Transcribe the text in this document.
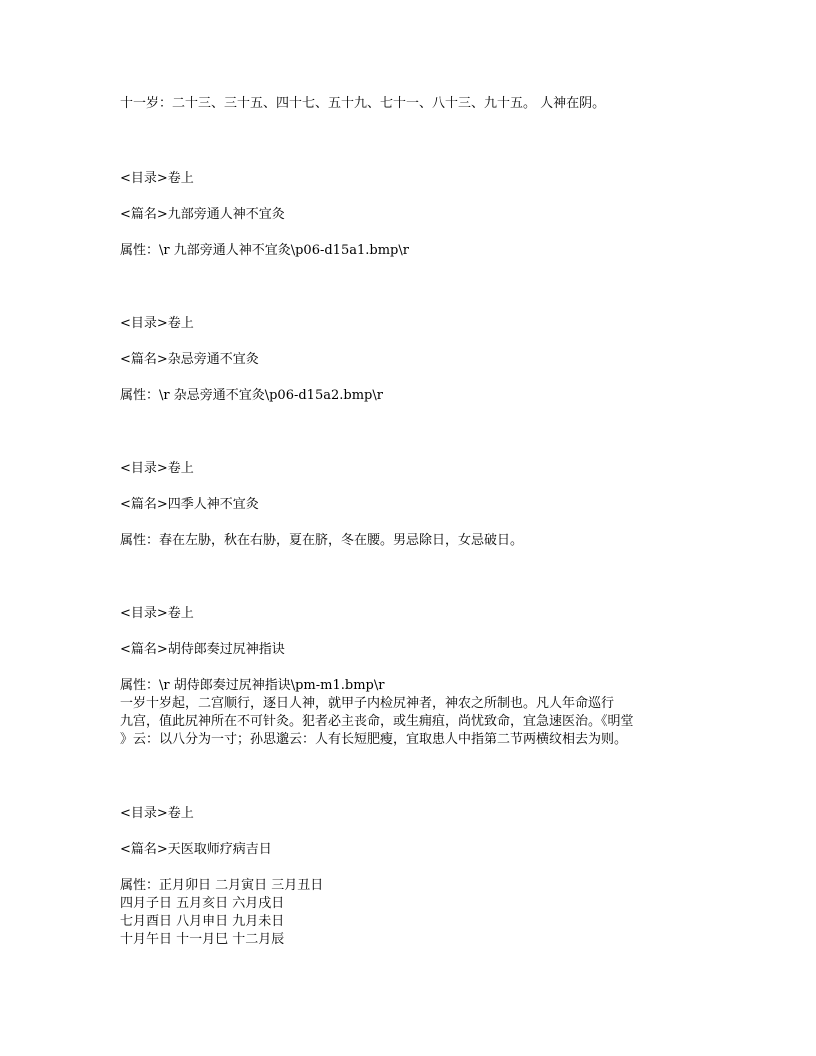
十一岁：二十三、三十五、四十七、五十九、七十一、八十三、九十五。 人神在阴。
<目录>卷上
<篇名>九部旁通人神不宜灸
属性：\r 九部旁通人神不宜灸\p06-d15a1.bmp\r
<目录>卷上
<篇名>杂忌旁通不宜灸
属性：\r 杂忌旁通不宜灸\p06-d15a2.bmp\r
<目录>卷上
<篇名>四季人神不宜灸
属性：春在左胁，秋在右胁，夏在脐，冬在腰。男忌除日，女忌破日。
<目录>卷上
<篇名>胡侍郎奏过尻神指诀
属性：\r 胡侍郎奏过尻神指诀\pm-m1.bmp\r
一岁十岁起，二宫顺行，逐日人神，就甲子内检尻神者，神农之所制也。凡人年命巡行
九宫，值此尻神所在不可针灸。犯者必主丧命，或生痈疽，尚忧致命，宜急速医治。《明堂
》云：以八分为一寸；孙思邈云：人有长短肥瘦，宜取患人中指第二节两横纹相去为则。
<目录>卷上
<篇名>天医取师疗病吉日
属性：正月卯日 二月寅日 三月丑日
四月子日 五月亥日 六月戌日
七月酉日 八月申日 九月未日
十月午日 十一月巳 十二月辰
